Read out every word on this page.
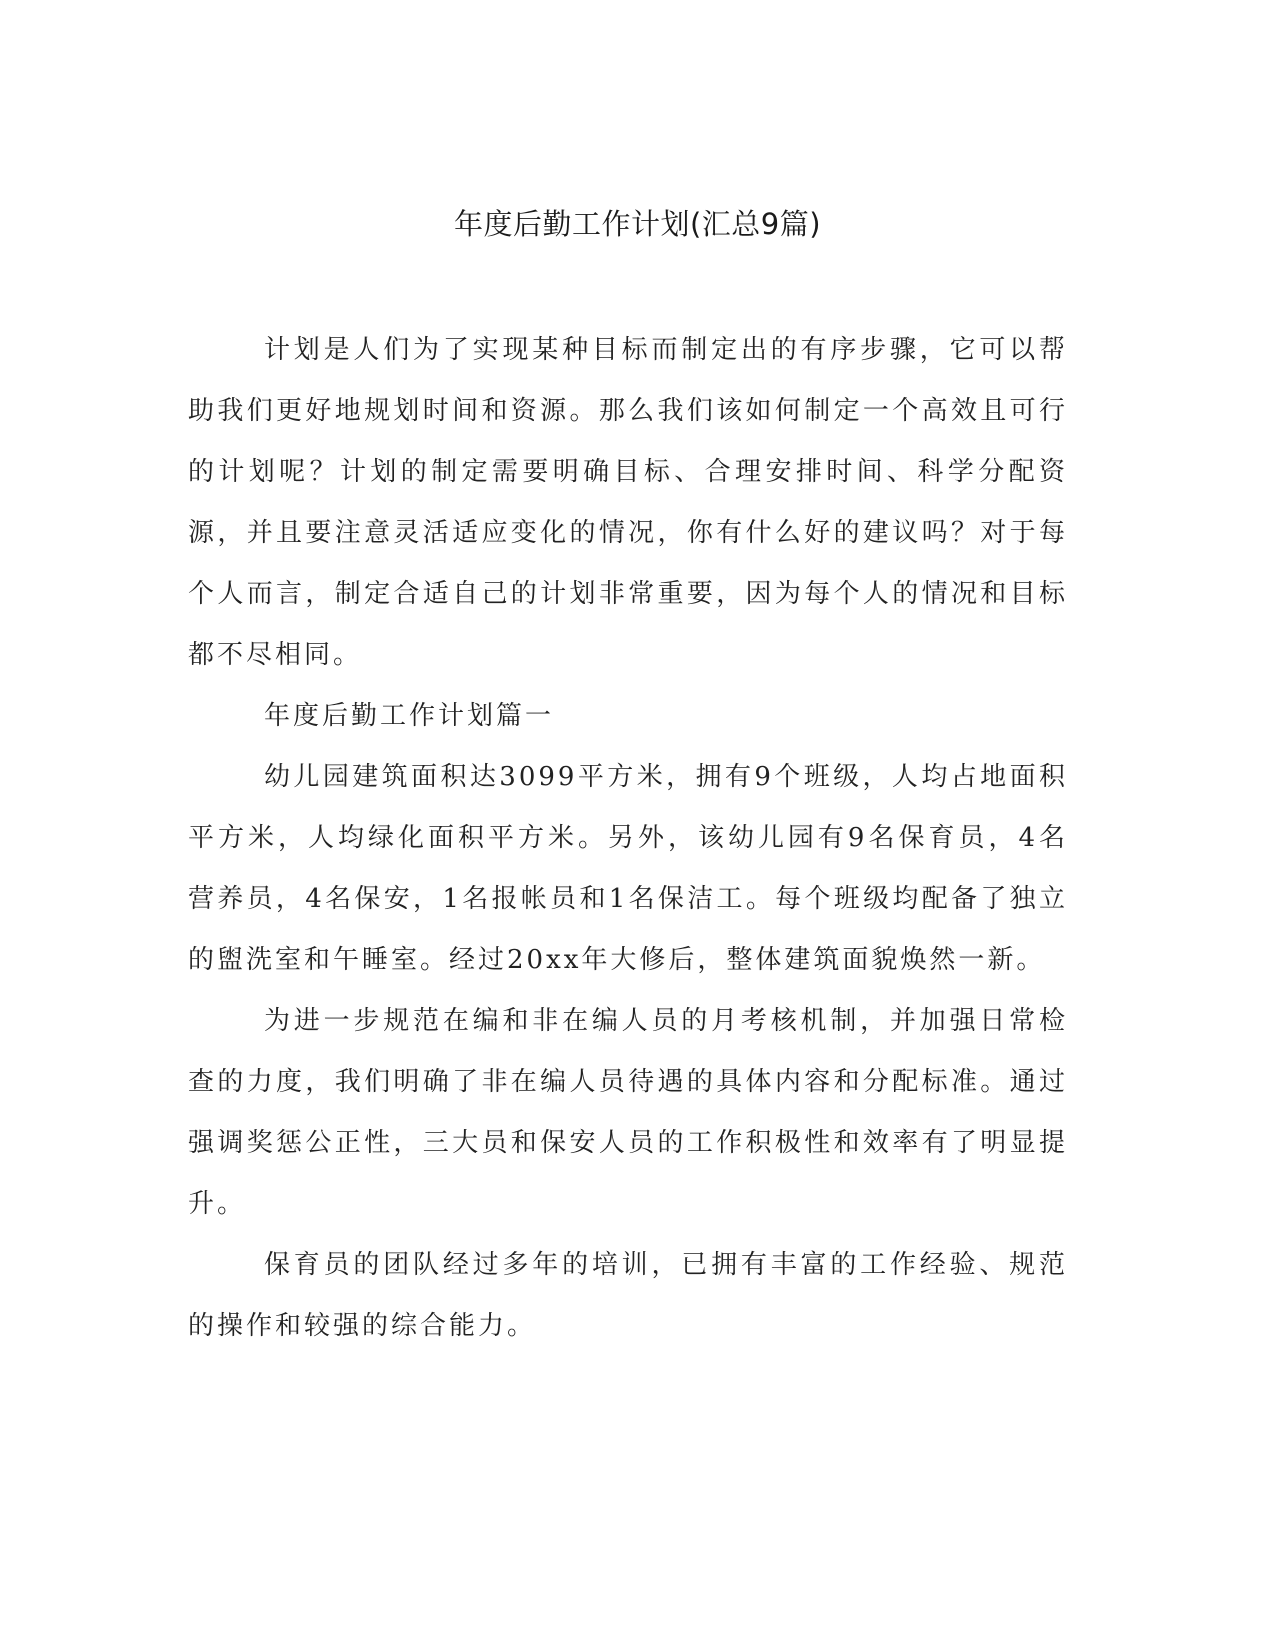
年度后勤工作计划(汇总9篇)

计划是人们为了实现某种目标而制定出的有序步骤，它可以帮助我们更好地规划时间和资源。那么我们该如何制定一个高效且可行的计划呢？计划的制定需要明确目标、合理安排时间、科学分配资源，并且要注意灵活适应变化的情况，你有什么好的建议吗？对于每个人而言，制定合适自己的计划非常重要，因为每个人的情况和目标都不尽相同。

年度后勤工作计划篇一

幼儿园建筑面积达3099平方米，拥有9个班级，人均占地面积平方米，人均绿化面积平方米。另外，该幼儿园有9名保育员，4名营养员，4名保安，1名报帐员和1名保洁工。每个班级均配备了独立的盥洗室和午睡室。经过20xx年大修后，整体建筑面貌焕然一新。

为进一步规范在编和非在编人员的月考核机制，并加强日常检查的力度，我们明确了非在编人员待遇的具体内容和分配标准。通过强调奖惩公正性，三大员和保安人员的工作积极性和效率有了明显提升。

保育员的团队经过多年的培训，已拥有丰富的工作经验、规范的操作和较强的综合能力。
